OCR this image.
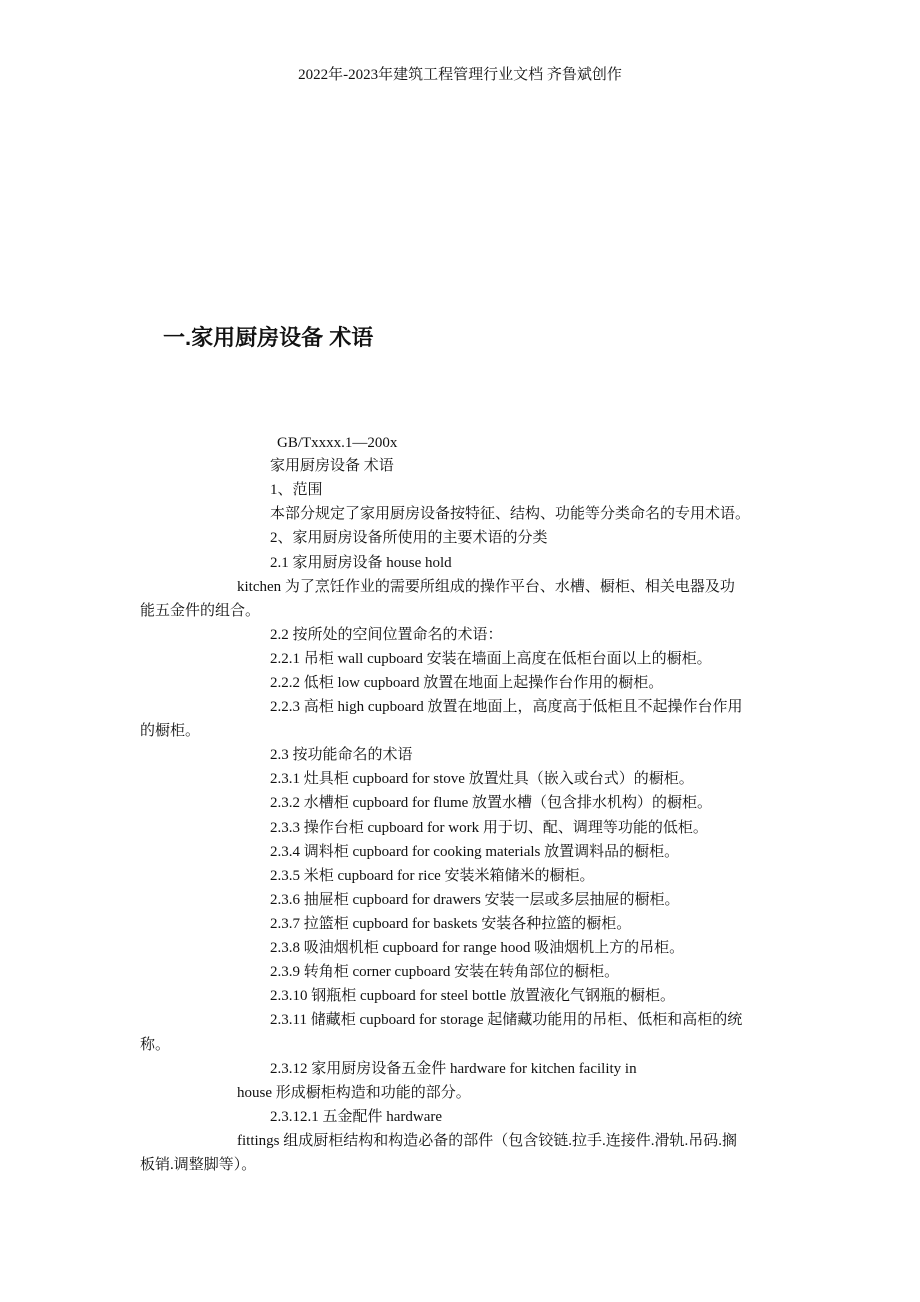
2022年-2023年建筑工程管理行业文档 齐鲁斌创作
一.家用厨房设备 术语
GB/Txxxx.1—200x
家用厨房设备 术语
1、范围
本部分规定了家用厨房设备按特征、结构、功能等分类命名的专用术语。
2、家用厨房设备所使用的主要术语的分类
2.1 家用厨房设备 house hold
kitchen 为了烹饪作业的需要所组成的操作平台、水槽、橱柜、相关电器及功
能五金件的组合。
2.2 按所处的空间位置命名的术语：
2.2.1 吊柜 wall cupboard 安装在墙面上高度在低柜台面以上的橱柜。
2.2.2 低柜 low cupboard 放置在地面上起操作台作用的橱柜。
2.2.3 高柜 high cupboard 放置在地面上，高度高于低柜且不起操作台作用
的橱柜。
2.3 按功能命名的术语
2.3.1 灶具柜 cupboard for stove 放置灶具（嵌入或台式）的橱柜。
2.3.2 水槽柜 cupboard for flume 放置水槽（包含排水机构）的橱柜。
2.3.3 操作台柜 cupboard for work 用于切、配、调理等功能的低柜。
2.3.4 调料柜 cupboard for cooking materials 放置调料品的橱柜。
2.3.5 米柜 cupboard for rice 安装米箱储米的橱柜。
2.3.6 抽屉柜 cupboard for drawers 安装一层或多层抽屉的橱柜。
2.3.7 拉篮柜 cupboard for baskets 安装各种拉篮的橱柜。
2.3.8 吸油烟机柜 cupboard for range hood 吸油烟机上方的吊柜。
2.3.9 转角柜 corner cupboard 安装在转角部位的橱柜。
2.3.10 钢瓶柜 cupboard for steel bottle 放置液化气钢瓶的橱柜。
2.3.11 储藏柜 cupboard for storage 起储藏功能用的吊柜、低柜和高柜的统
称。
2.3.12 家用厨房设备五金件 hardware for kitchen facility in
house 形成橱柜构造和功能的部分。
2.3.12.1 五金配件 hardware
fittings 组成厨柜结构和构造必备的部件（包含铰链.拉手.连接件.滑轨.吊码.搁
板销.调整脚等）。
